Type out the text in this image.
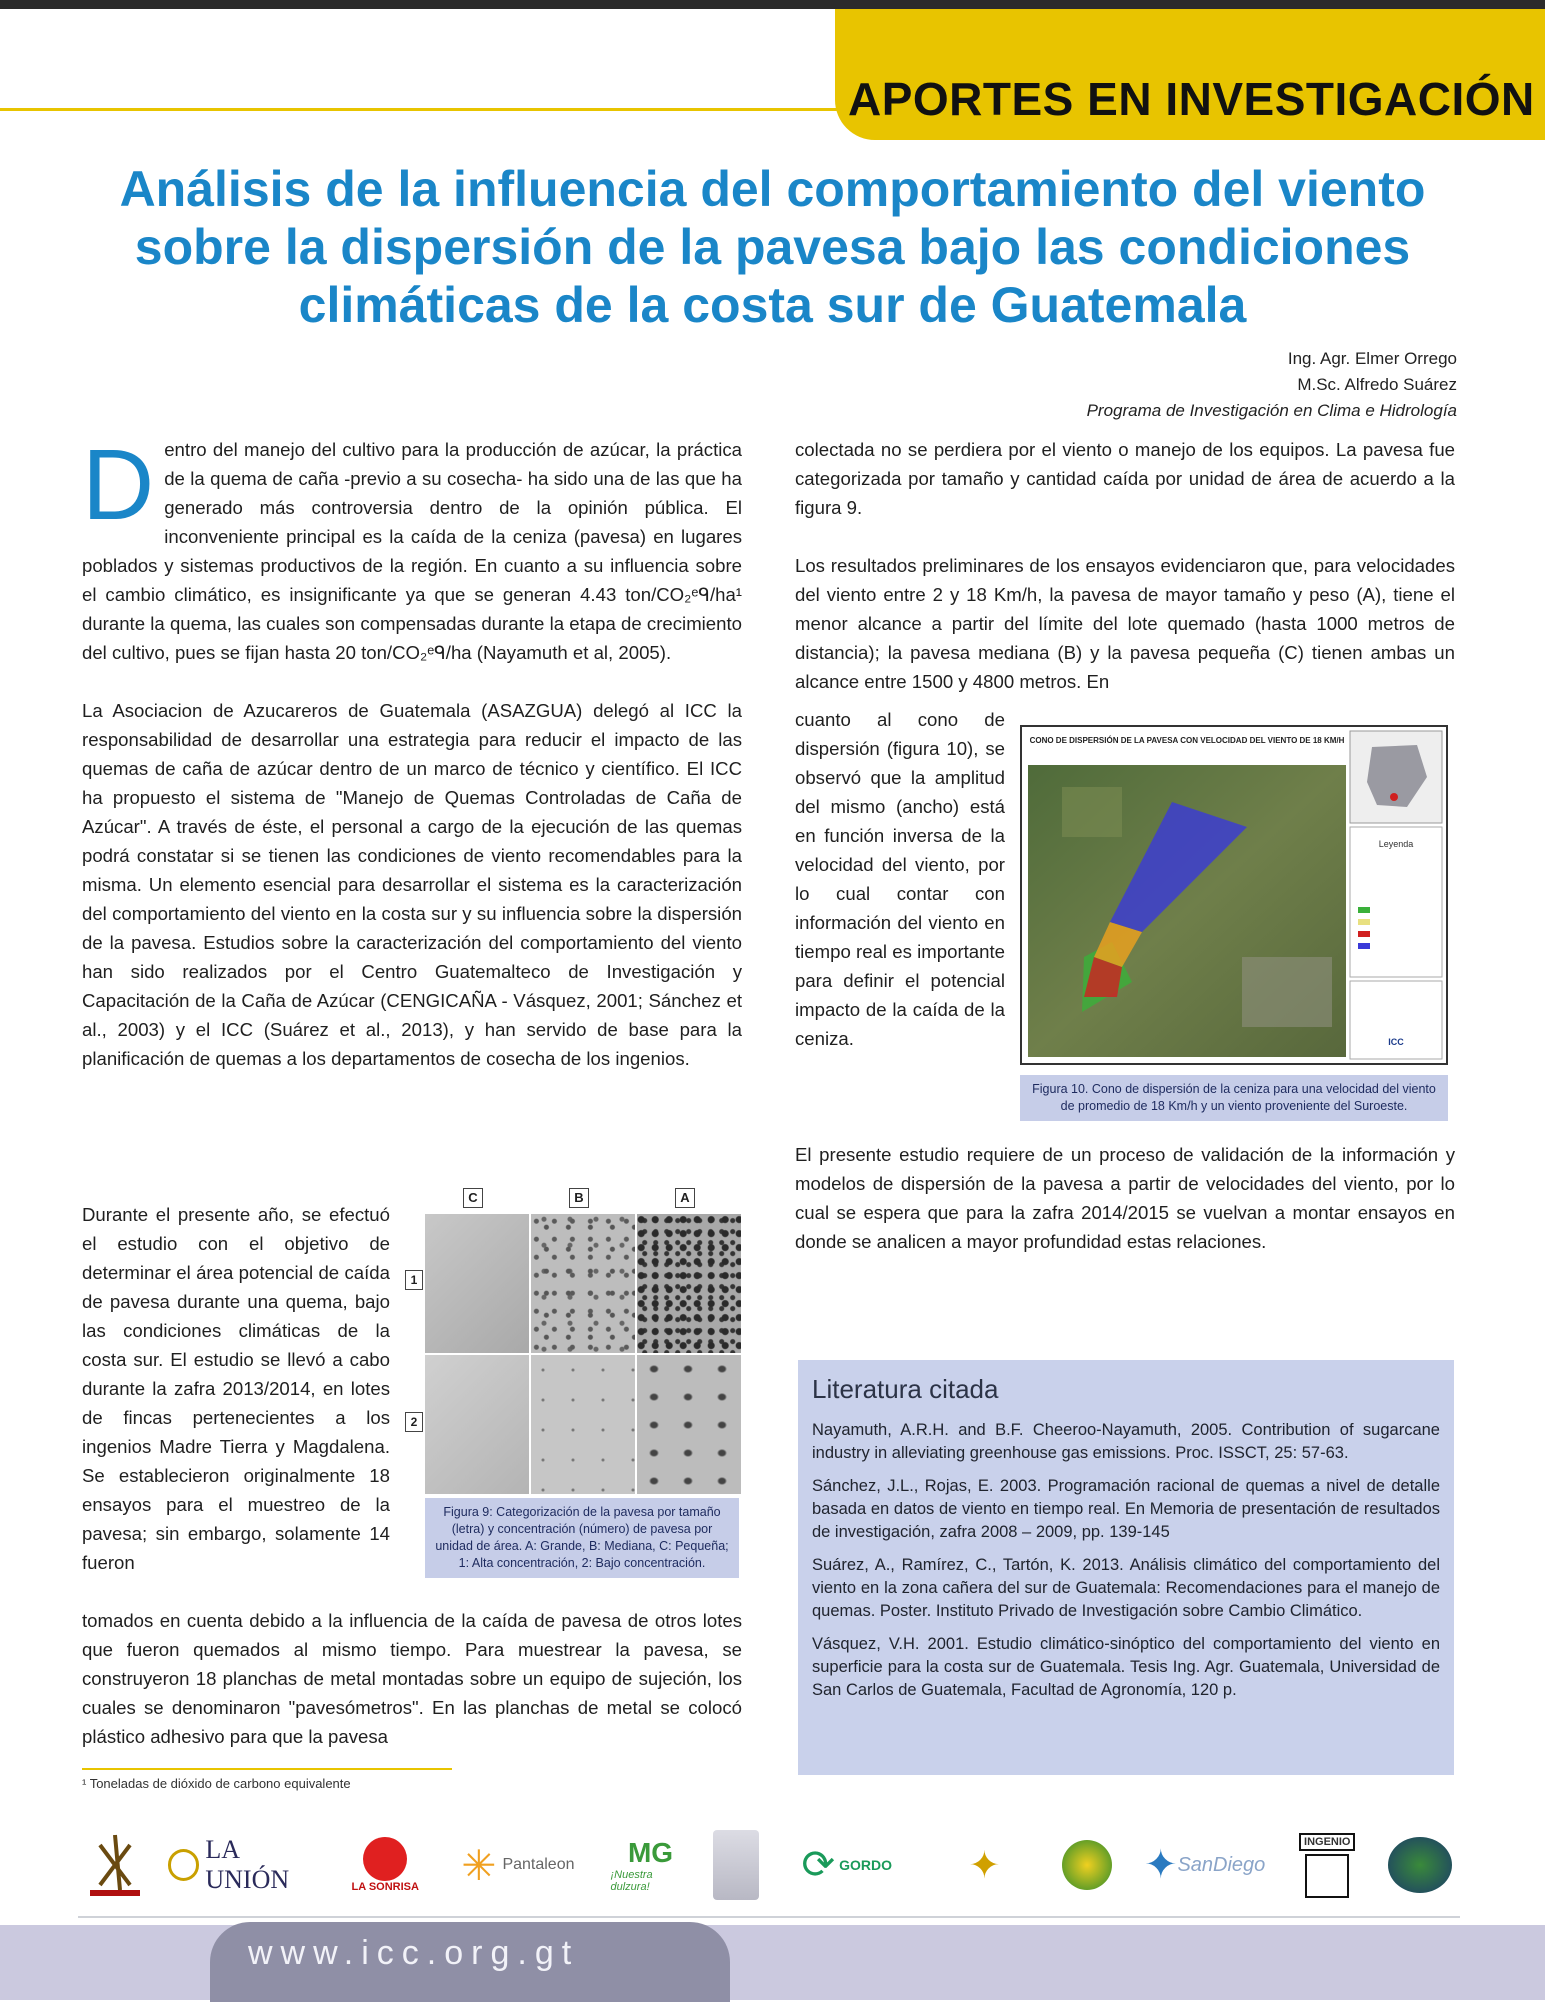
APORTES EN INVESTIGACIÓN
Análisis de la influencia del comportamiento del viento sobre la dispersión de la pavesa bajo las condiciones climáticas de la costa sur de Guatemala
Ing. Agr. Elmer Orrego
M.Sc. Alfredo Suárez
Programa de Investigación en Clima e Hidrología

D entro del manejo del cultivo para la producción de azúcar, la práctica de la quema de caña -previo a su cosecha- ha sido una de las que ha generado más controversia dentro de la opinión pública. El inconveniente principal es la caída de la ceniza (pavesa) en lugares poblados y sistemas productivos de la región. En cuanto a su influencia sobre el cambio climático, es insignificante ya que se generan 4.43 ton/CO₂ᵉᑫ/ha¹ durante la quema, las cuales son compensadas durante la etapa de crecimiento del cultivo, pues se fijan hasta 20 ton/CO₂ᵉᑫ/ha (Nayamuth et al, 2005).

La Asociacion de Azucareros de Guatemala (ASAZGUA) delegó al ICC la responsabilidad de desarrollar una estrategia para reducir el impacto de las quemas de caña de azúcar dentro de un marco de técnico y científico. El ICC ha propuesto el sistema de "Manejo de Quemas Controladas de Caña de Azúcar". A través de éste, el personal a cargo de la ejecución de las quemas podrá constatar si se tienen las condiciones de viento recomendables para la misma. Un elemento esencial para desarrollar el sistema es la caracterización del comportamiento del viento en la costa sur y su influencia sobre la dispersión de la pavesa. Estudios sobre la caracterización del comportamiento del viento han sido realizados por el Centro Guatemalteco de Investigación y Capacitación de la Caña de Azúcar (CENGICAÑA - Vásquez, 2001; Sánchez et al., 2003) y el ICC (Suárez et al., 2013), y han servido de base para la planificación de quemas a los departamentos de cosecha de los ingenios.

Durante el presente año, se efectuó el estudio con el objetivo de determinar el área potencial de caída de pavesa durante una quema, bajo las condiciones climáticas de la costa sur. El estudio se llevó a cabo durante la zafra 2013/2014, en lotes de fincas pertenecientes a los ingenios Madre Tierra y Magdalena. Se establecieron originalmente 18 ensayos para el muestreo de la pavesa; sin embargo, solamente 14 fueron
C	B	A
1
2
Figura 9: Categorización de la pavesa por tamaño (letra) y concentración (número) de pavesa por unidad de área. A: Grande, B: Mediana, C: Pequeña; 1: Alta concentración, 2: Bajo concentración.
tomados en cuenta debido a la influencia de la caída de pavesa de otros lotes que fueron quemados al mismo tiempo. Para muestrear la pavesa, se construyeron 18 planchas de metal montadas sobre un equipo de sujeción, los cuales se denominaron "pavesómetros". En las planchas de metal se colocó plástico adhesivo para que la pavesa

colectada no se perdiera por el viento o manejo de los equipos. La pavesa fue categorizada por tamaño y cantidad caída por unidad de área de acuerdo a la figura 9.

Los resultados preliminares de los ensayos evidenciaron que, para velocidades del viento entre 2 y 18 Km/h, la pavesa de mayor tamaño y peso (A), tiene el menor alcance a partir del límite del lote quemado (hasta 1000 metros de distancia); la pavesa mediana (B) y la pavesa pequeña (C) tienen ambas un alcance entre 1500 y 4800 metros. En

cuanto al cono de dispersión (figura 10), se observó que la amplitud del mismo (ancho) está en función inversa de la velocidad del viento, por lo cual contar con información del viento en tiempo real es importante para definir el potencial impacto de la caída de la ceniza.
CONO DE DISPERSIÓN DE LA PAVESA CON VELOCIDAD DEL VIENTO DE 18 KM/H
Leyenda
ICC
Figura 10. Cono de dispersión de la ceniza para una velocidad del viento de promedio de 18 Km/h y un viento proveniente del Suroeste.
El presente estudio requiere de un proceso de validación de la información y modelos de dispersión de la pavesa a partir de velocidades del viento, por lo cual se espera que para la zafra 2014/2015 se vuelvan a montar ensayos en donde se analicen a mayor profundidad estas relaciones.
Literatura citada

Nayamuth, A.R.H. and B.F. Cheeroo-Nayamuth, 2005. Contribution of sugarcane industry in alleviating greenhouse gas emissions. Proc. ISSCT, 25: 57-63.

Sánchez, J.L., Rojas, E. 2003. Programación racional de quemas a nivel de detalle basada en datos de viento en tiempo real. En Memoria de presentación de resultados de investigación, zafra 2008 – 2009, pp. 139-145

Suárez, A., Ramírez, C., Tartón, K. 2013. Análisis climático del comportamiento del viento en la zona cañera del sur de Guatemala: Recomendaciones para el manejo de quemas. Poster. Instituto Privado de Investigación sobre Cambio Climático.

Vásquez, V.H. 2001. Estudio climático-sinóptico del comportamiento del viento en superficie para la costa sur de Guatemala. Tesis Ing. Agr. Guatemala, Universidad de San Carlos de Guatemala, Facultad de Agronomía, 120 p.

¹ Toneladas de dióxido de carbono equivalente
LA UNIÓN	LA SONRISA ✳ Pantaleon MG
¡Nuestra dulzura!	⟳ GORDO ✦	✦ SanDiego
INGENIO
www.icc.org.gt
